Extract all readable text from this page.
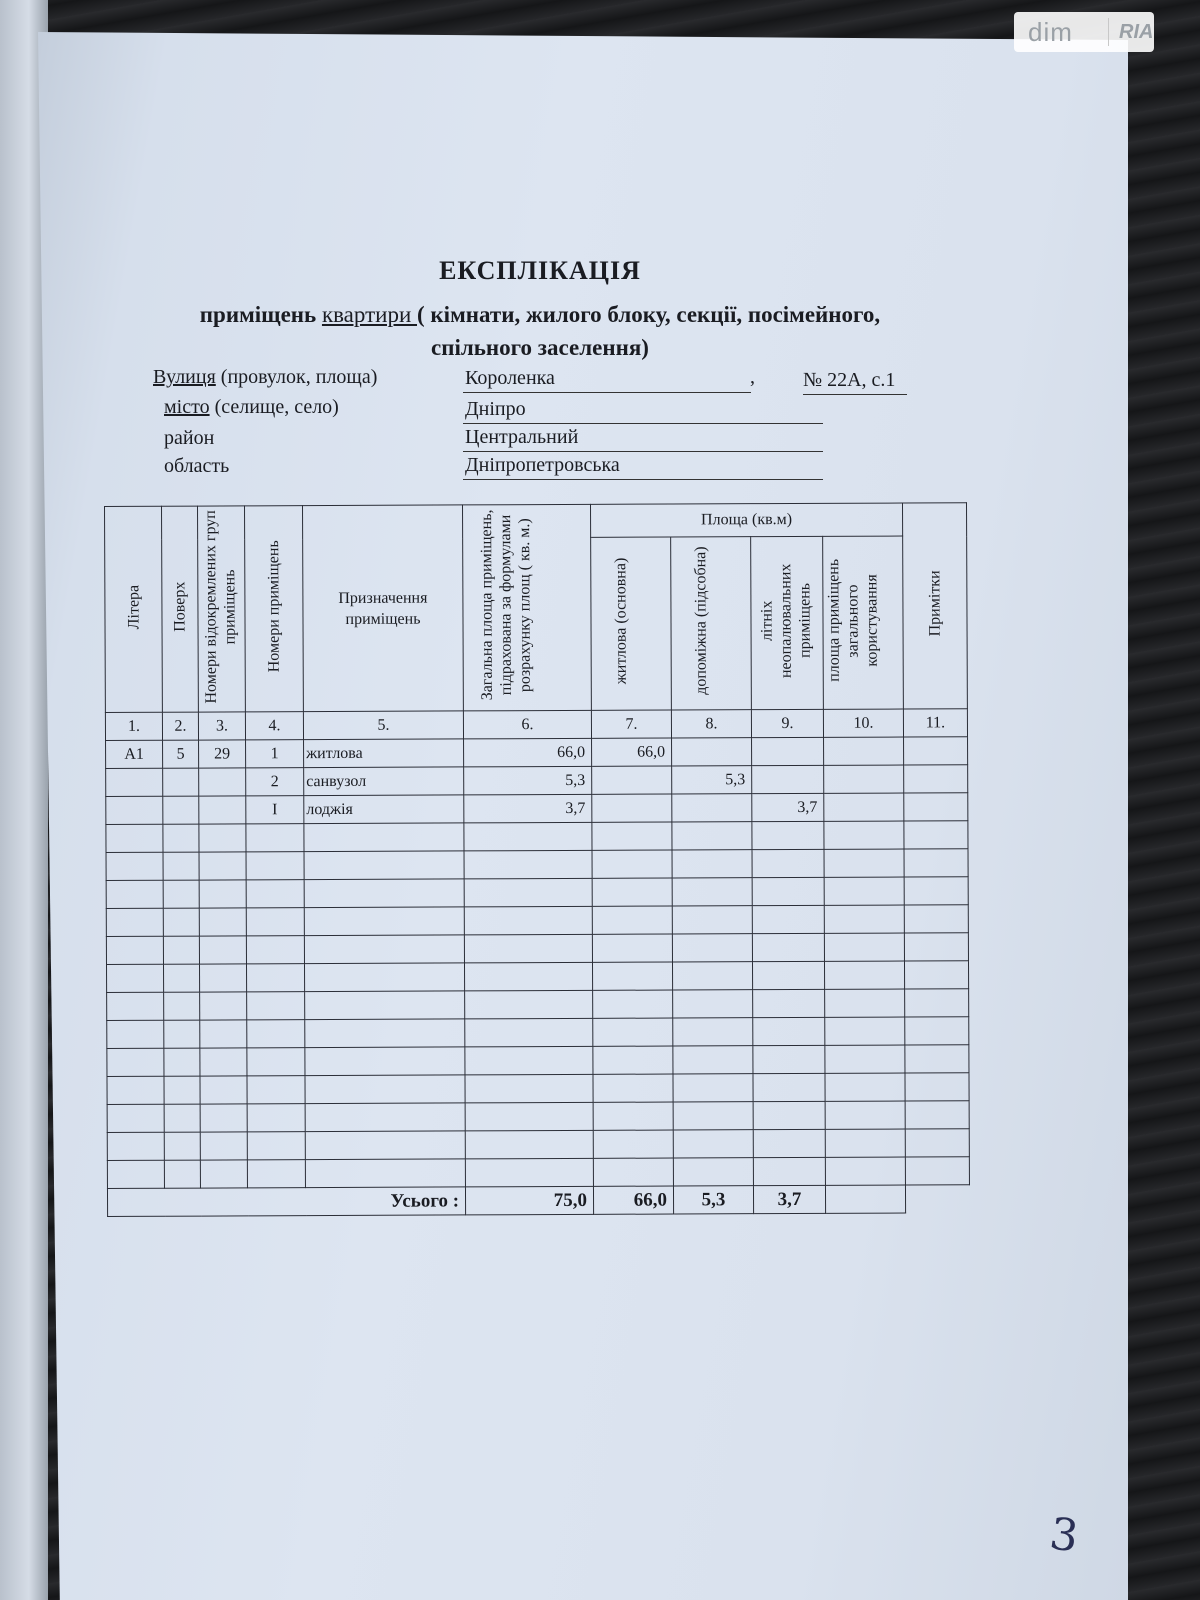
dim	RIA
ЕКСПЛІКАЦІЯ
приміщень квартири ( кімнати, жилого блоку, секції, посімейного,
спільного заселення)
Вулиця (провулок, площа)	Короленка	, № 22А, с.1
місто (селище, село)	Дніпро
район	Центральний
область	Дніпропетровська
Літера	Поверх	Номери відокремлених груп приміщень	Номери приміщень	Призначення приміщень	Загальна площа приміщень, підрахована за формулами розрахунку площ ( кв. м.)	Площа (кв.м)				Примітки
						житлова (основна)	допоміжна (підсобна)	літніх неопалювальних приміщень	площа приміщень загального користування	
1.	2.	3.	4.	5.	6.	7.	8.	9.	10.	11.
А1	5	29	1	житлова	66,0	66,0				
			2	санвузол	5,3		5,3			
			I	лоджія	3,7			3,7		

Усього :					75,0	66,0	5,3	3,7		
3
